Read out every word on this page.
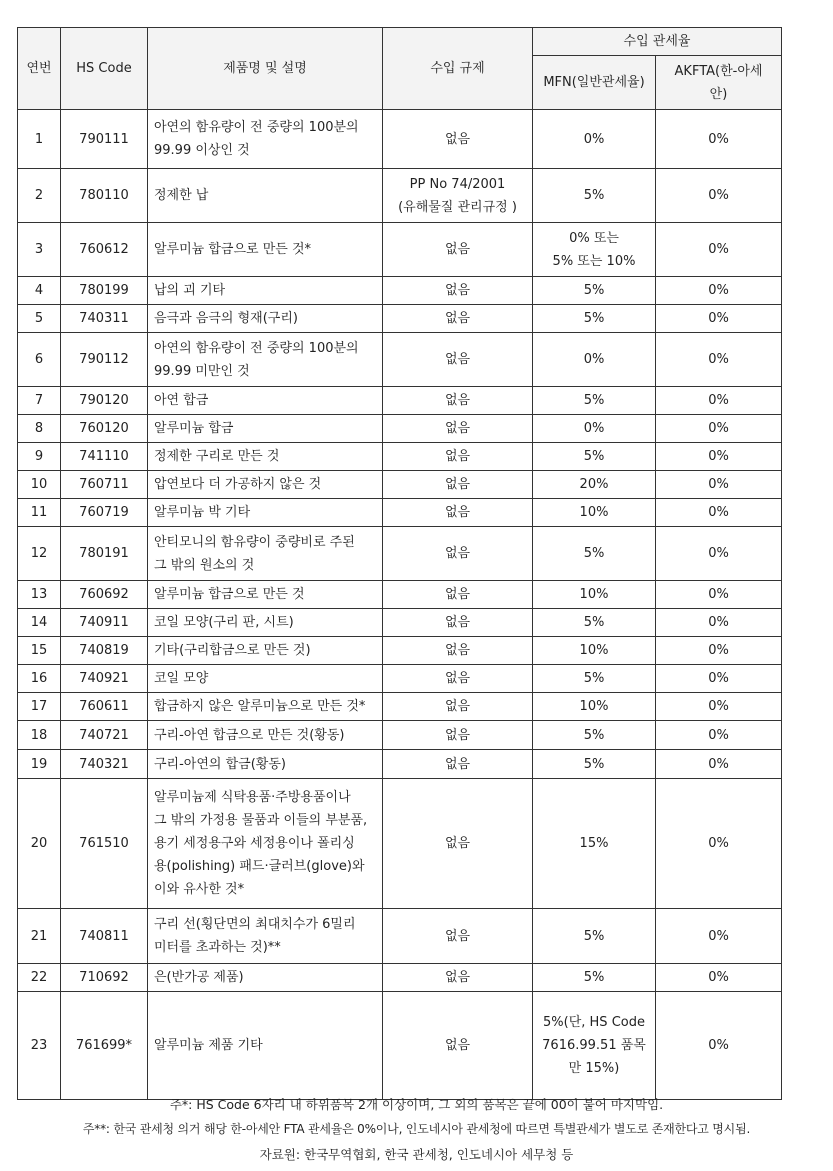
연번	HS Code	제품명 및 설명	수입 규제	수입 관세율	
				MFN(일반관세율)	AKFTA(한-아세
안)
1	790111	아연의 함유량이 전 중량의 100분의
99.99 이상인 것	없음	0%	0%
2	780110	정제한 납	PP No 74/2001
(유해물질 관리규정 )	5%	0%
3	760612	알루미늄 합금으로 만든 것*	없음	0% 또는
5% 또는 10%	0%
4	780199	납의 괴 기타	없음	5%	0%
5	740311	음극과 음극의 형재(구리)	없음	5%	0%
6	790112	아연의 함유량이 전 중량의 100분의
99.99 미만인 것	없음	0%	0%
7	790120	아연 합금	없음	5%	0%
8	760120	알루미늄 합금	없음	0%	0%
9	741110	정제한 구리로 만든 것	없음	5%	0%
10	760711	압연보다 더 가공하지 않은 것	없음	20%	0%
11	760719	알루미늄 박 기타	없음	10%	0%
12	780191	안티모니의 함유량이 중량비로 주된
그 밖의 원소의 것	없음	5%	0%
13	760692	알루미늄 합금으로 만든 것	없음	10%	0%
14	740911	코일 모양(구리 판, 시트)	없음	5%	0%
15	740819	기타(구리합금으로 만든 것)	없음	10%	0%
16	740921	코일 모양	없음	5%	0%
17	760611	합금하지 않은 알루미늄으로 만든 것*	없음	10%	0%
18	740721	구리-아연 합금으로 만든 것(황동)	없음	5%	0%
19	740321	구리-아연의 합금(황동)	없음	5%	0%
20	761510	알루미늄제 식탁용품·주방용품이나
그 밖의 가정용 물품과 이들의 부분품,
용기 세정용구와 세정용이나 폴리싱
용(polishing) 패드·글러브(glove)와
이와 유사한 것*	없음	15%	0%
21	740811	구리 선(횡단면의 최대치수가 6밀리
미터를 초과하는 것)**	없음	5%	0%
22	710692	은(반가공 제품)	없음	5%	0%
23	761699*	알루미늄 제품 기타	없음	5%(단, HS Code
7616.99.51 품목
만 15%)	0%
주*: HS Code 6자리 내 하위품목 2개 이상이며, 그 외의 품목은 끝에 00이 붙어 마지막임.
주**: 한국 관세청 의거 해당 한-아세안 FTA 관세율은 0%이나, 인도네시아 관세청에 따르면 특별관세가 별도로 존재한다고 명시됨.
자료원: 한국무역협회, 한국 관세청, 인도네시아 세무청 등
